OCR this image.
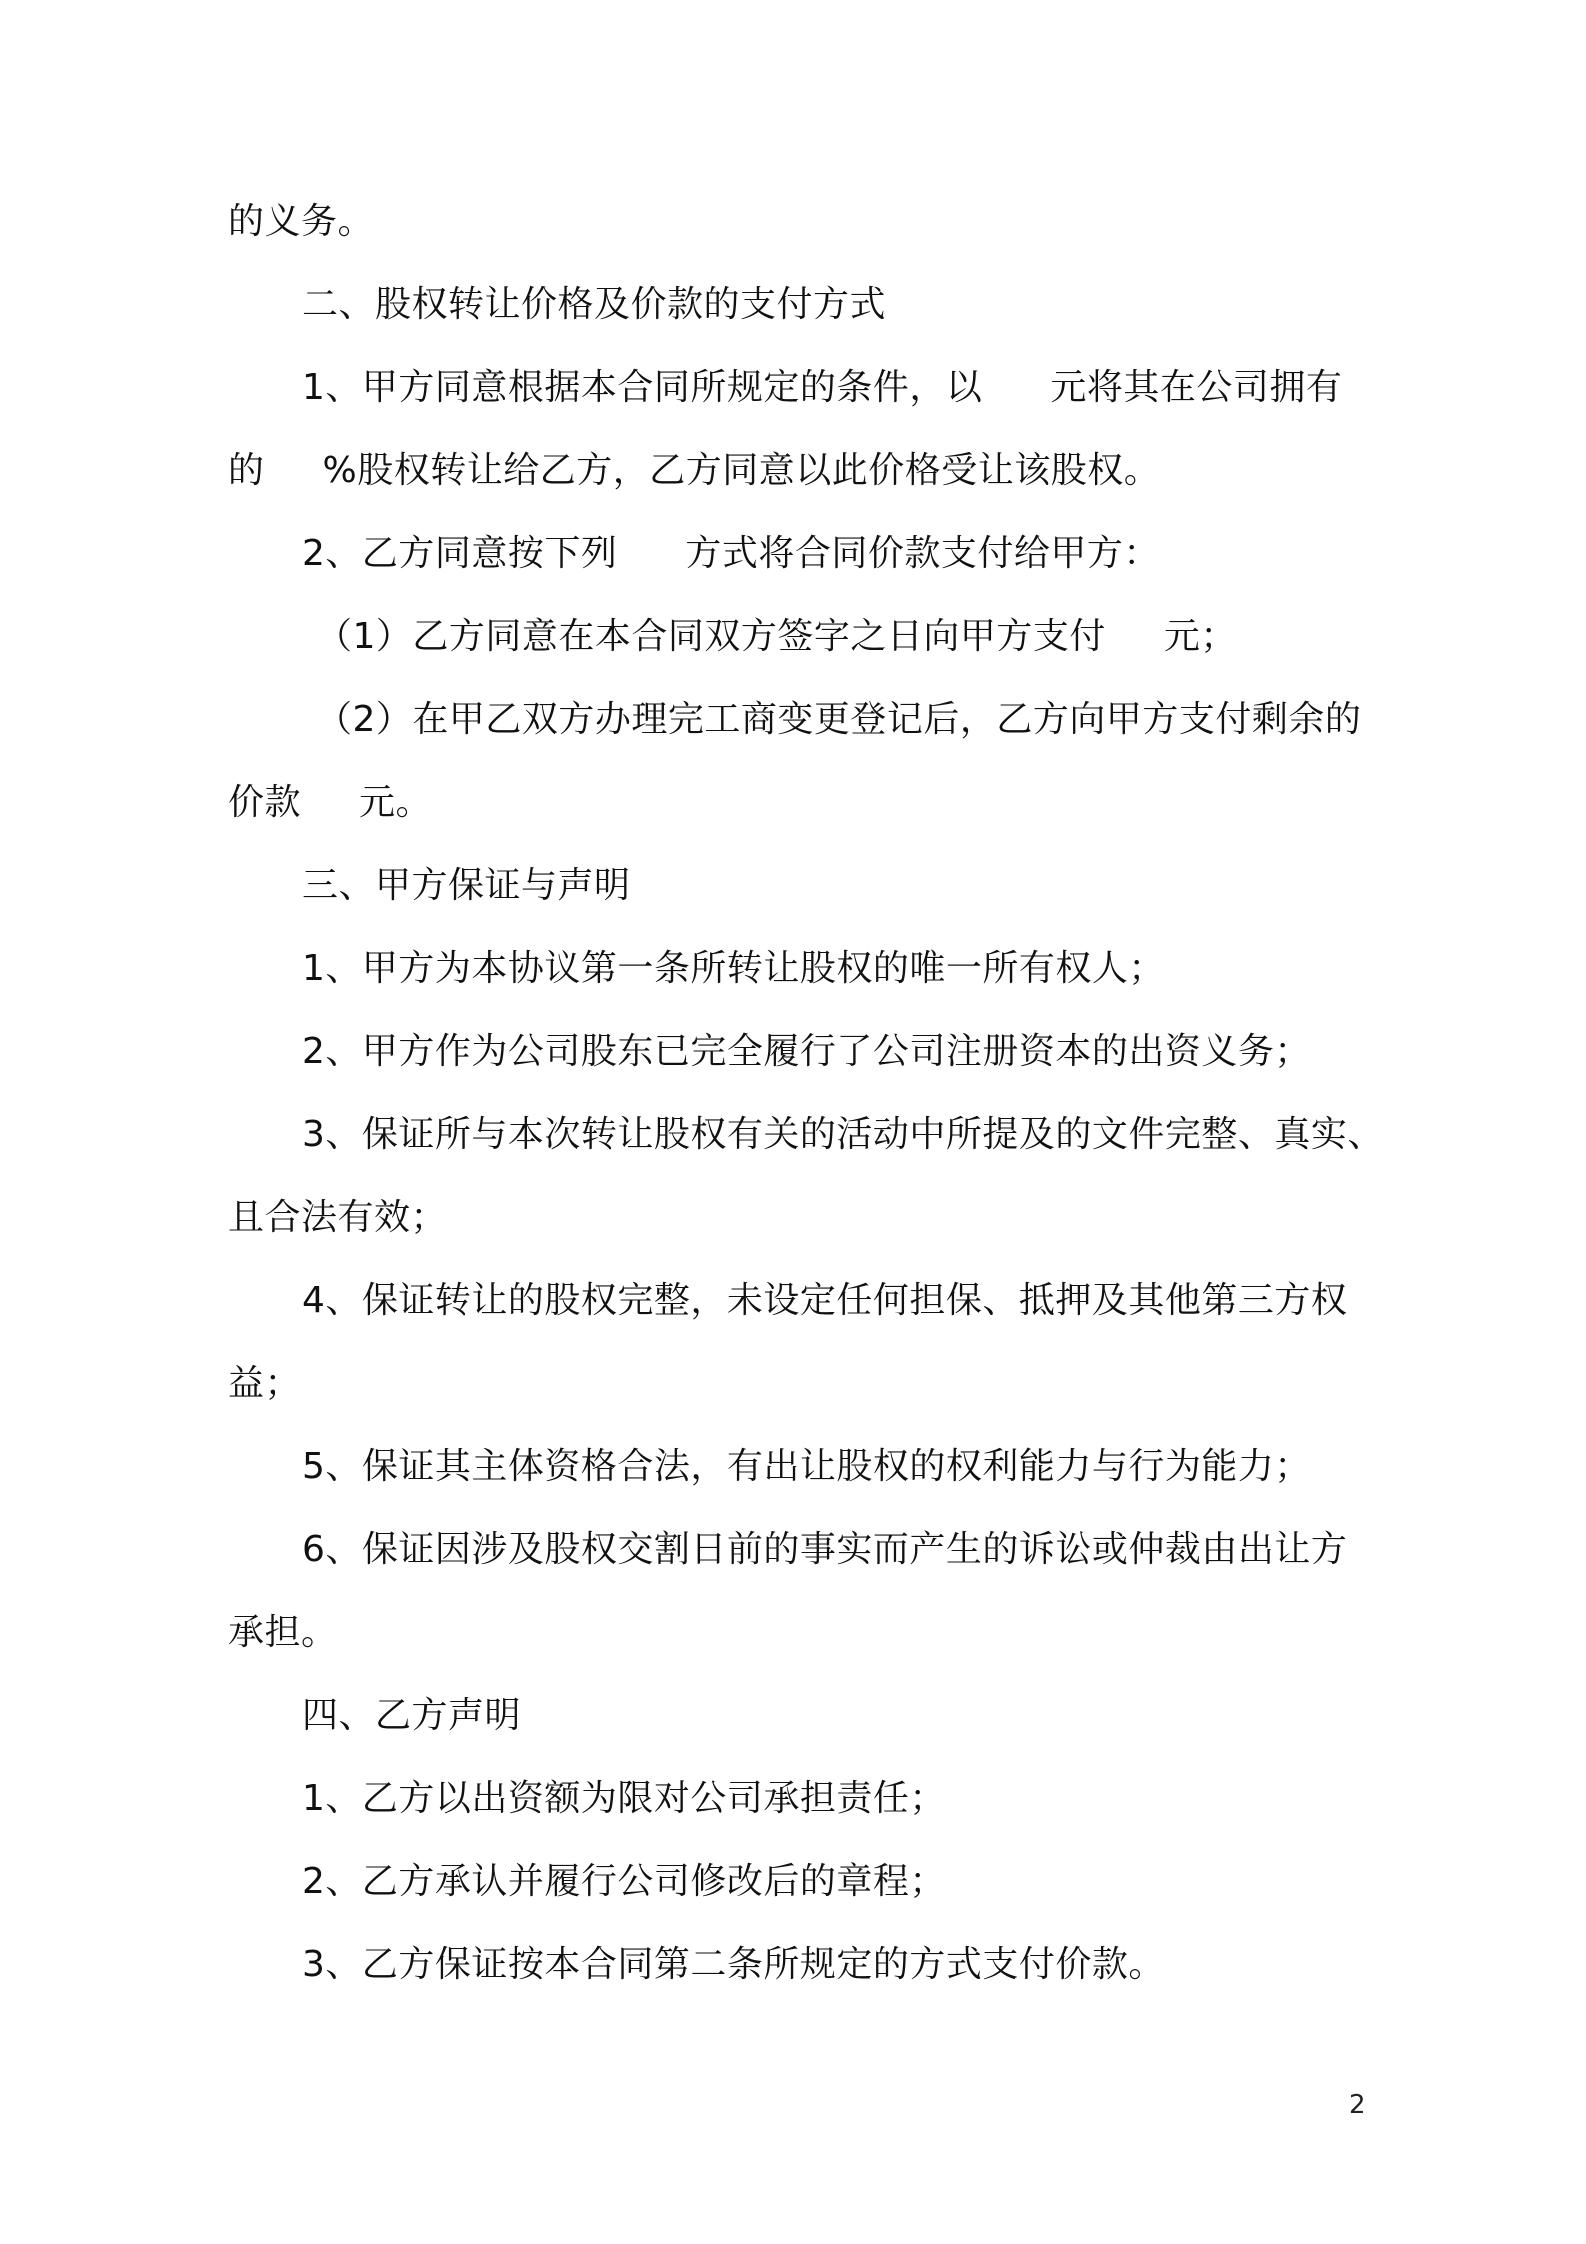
的义务。
二、股权转让价格及价款的支付方式
1、甲方同意根据本合同所规定的条件，以 元将其在公司拥有
的 %股权转让给乙方，乙方同意以此价格受让该股权。
2、乙方同意按下列 方式将合同价款支付给甲方：
（1）乙方同意在本合同双方签字之日向甲方支付 元；
（2）在甲乙双方办理完工商变更登记后，乙方向甲方支付剩余的
价款 元。
三、甲方保证与声明
1、甲方为本协议第一条所转让股权的唯一所有权人；
2、甲方作为公司股东已完全履行了公司注册资本的出资义务；
3、保证所与本次转让股权有关的活动中所提及的文件完整、真实、
且合法有效；
4、保证转让的股权完整，未设定任何担保、抵押及其他第三方权
益；
5、保证其主体资格合法，有出让股权的权利能力与行为能力；
6、保证因涉及股权交割日前的事实而产生的诉讼或仲裁由出让方
承担。
四、乙方声明
1、乙方以出资额为限对公司承担责任；
2、乙方承认并履行公司修改后的章程；
3、乙方保证按本合同第二条所规定的方式支付价款。
2
